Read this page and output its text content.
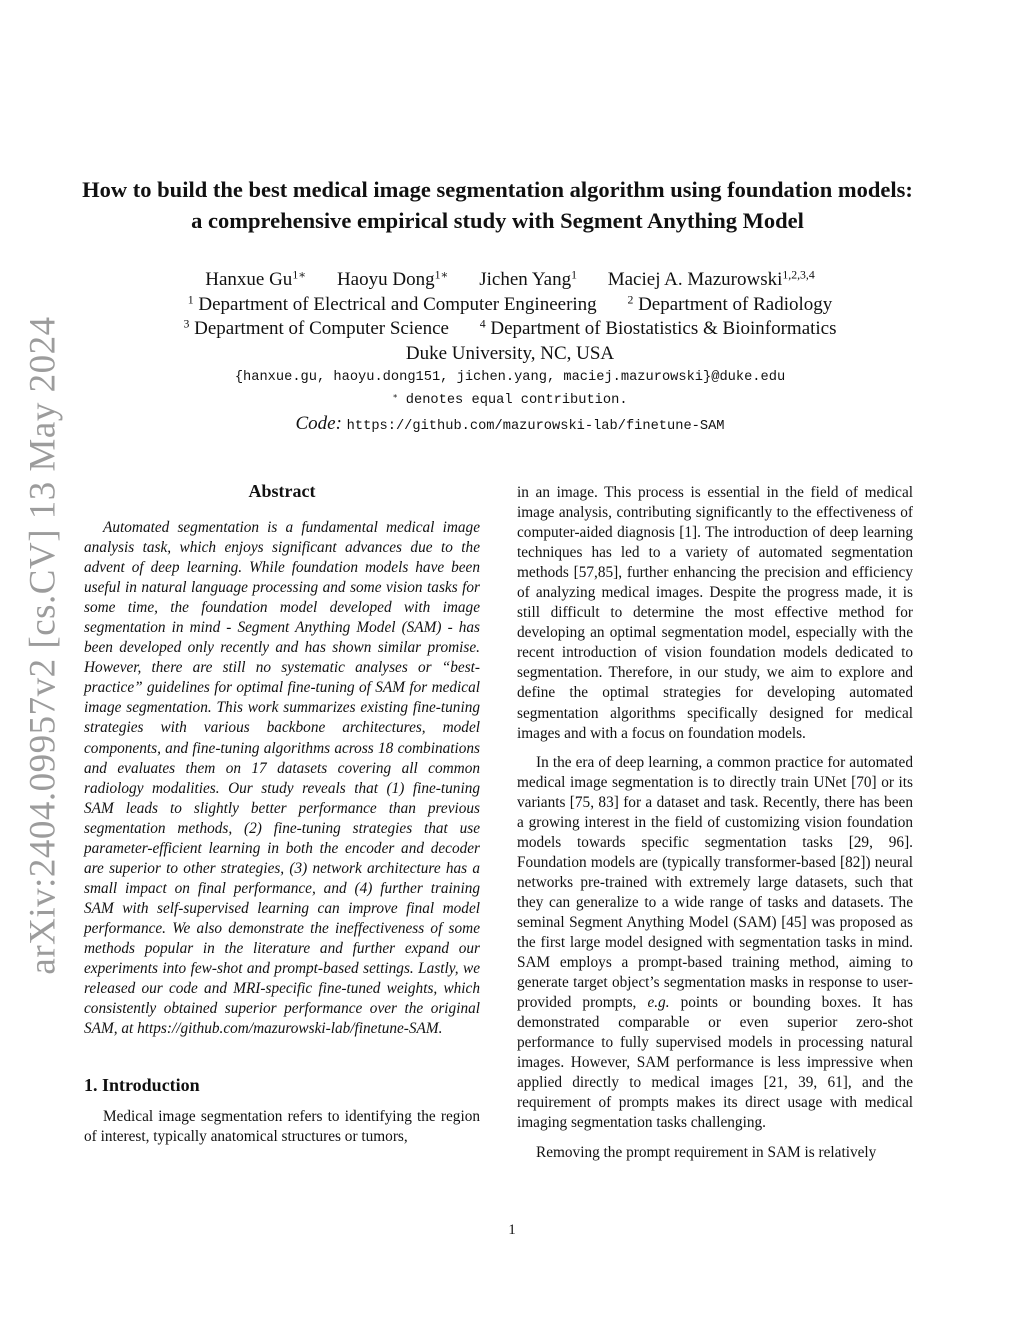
arXiv:2404.09957v2 [cs.CV] 13 May 2024
How to build the best medical image segmentation algorithm using foundation models: a comprehensive empirical study with Segment Anything Model
Hanxue $Gu^{1∗}$ Haoyu Dong$^{1∗}$ Jichen Yang$^1$ Maciej A. Mazurowski$^{1,2,3,4}$
$^1$ Department of Electrical and Computer Engineering	$^2$ Department of Radiology
$^3$ Department of Computer Science	$^4$ Department of Biostatistics & Bioinformatics
Duke University, NC, USA
{hanxue.gu, haoyu.dong151, jichen.yang, maciej.mazurowski}@duke.edu
∗ denotes equal contribution.
Code: https://github.com/mazurowski-lab/finetune-SAM
Abstract

Automated segmentation is a fundamental medical image analysis task, which enjoys significant advances due to the advent of deep learning. While foundation models have been useful in natural language processing and some vision tasks for some time, the foundation model developed with image segmentation in mind - Segment Anything Model (SAM) - has been developed only recently and has shown similar promise. However, there are still no systematic analyses or “best-practice” guidelines for optimal fine-tuning of SAM for medical image segmentation. This work summarizes existing fine-tuning strategies with various backbone architectures, model components, and fine-tuning algorithms across 18 combinations and evaluates them on 17 datasets covering all common radiology modalities. Our study reveals that (1) fine-tuning SAM leads to slightly better performance than previous segmentation methods, (2) fine-tuning strategies that use parameter-efficient learning in both the encoder and decoder are superior to other strategies, (3) network architecture has a small impact on final performance, and (4) further training SAM with self-supervised learning can improve final model performance. We also demonstrate the ineffectiveness of some methods popular in the literature and further expand our experiments into few-shot and prompt-based settings. Lastly, we released our code and MRI-specific fine-tuned weights, which consistently obtained superior performance over the original SAM, at https://github.com/mazurowski-lab/finetune-SAM.

1. Introduction

Medical image segmentation refers to identifying the region of interest, typically anatomical structures or tumors,

in an image. This process is essential in the field of medical image analysis, contributing significantly to the effectiveness of computer-aided diagnosis [1]. The introduction of deep learning techniques has led to a variety of automated segmentation methods [57,85], further enhancing the precision and efficiency of analyzing medical images. Despite the progress made, it is still difficult to determine the most effective method for developing an optimal segmentation model, especially with the recent introduction of vision foundation models dedicated to segmentation. Therefore, in our study, we aim to explore and define the optimal strategies for developing automated segmentation algorithms specifically designed for medical images and with a focus on foundation models.

In the era of deep learning, a common practice for automated medical image segmentation is to directly train UNet [70] or its variants [75, 83] for a dataset and task. Recently, there has been a growing interest in the field of customizing vision foundation models towards specific segmentation tasks [29, 96]. Foundation models are (typically transformer-based [82]) neural networks pre-trained with extremely large datasets, such that they can generalize to a wide range of tasks and datasets. The seminal Segment Anything Model (SAM) [45] was proposed as the first large model designed with segmentation tasks in mind. SAM employs a prompt-based training method, aiming to generate target object’s segmentation masks in response to user-provided prompts, e.g. points or bounding boxes. It has demonstrated comparable or even superior zero-shot performance to fully supervised models in processing natural images. However, SAM performance is less impressive when applied directly to medical images [21, 39, 61], and the requirement of prompts makes its direct usage with medical imaging segmentation tasks challenging.

Removing the prompt requirement in SAM is relatively

1
